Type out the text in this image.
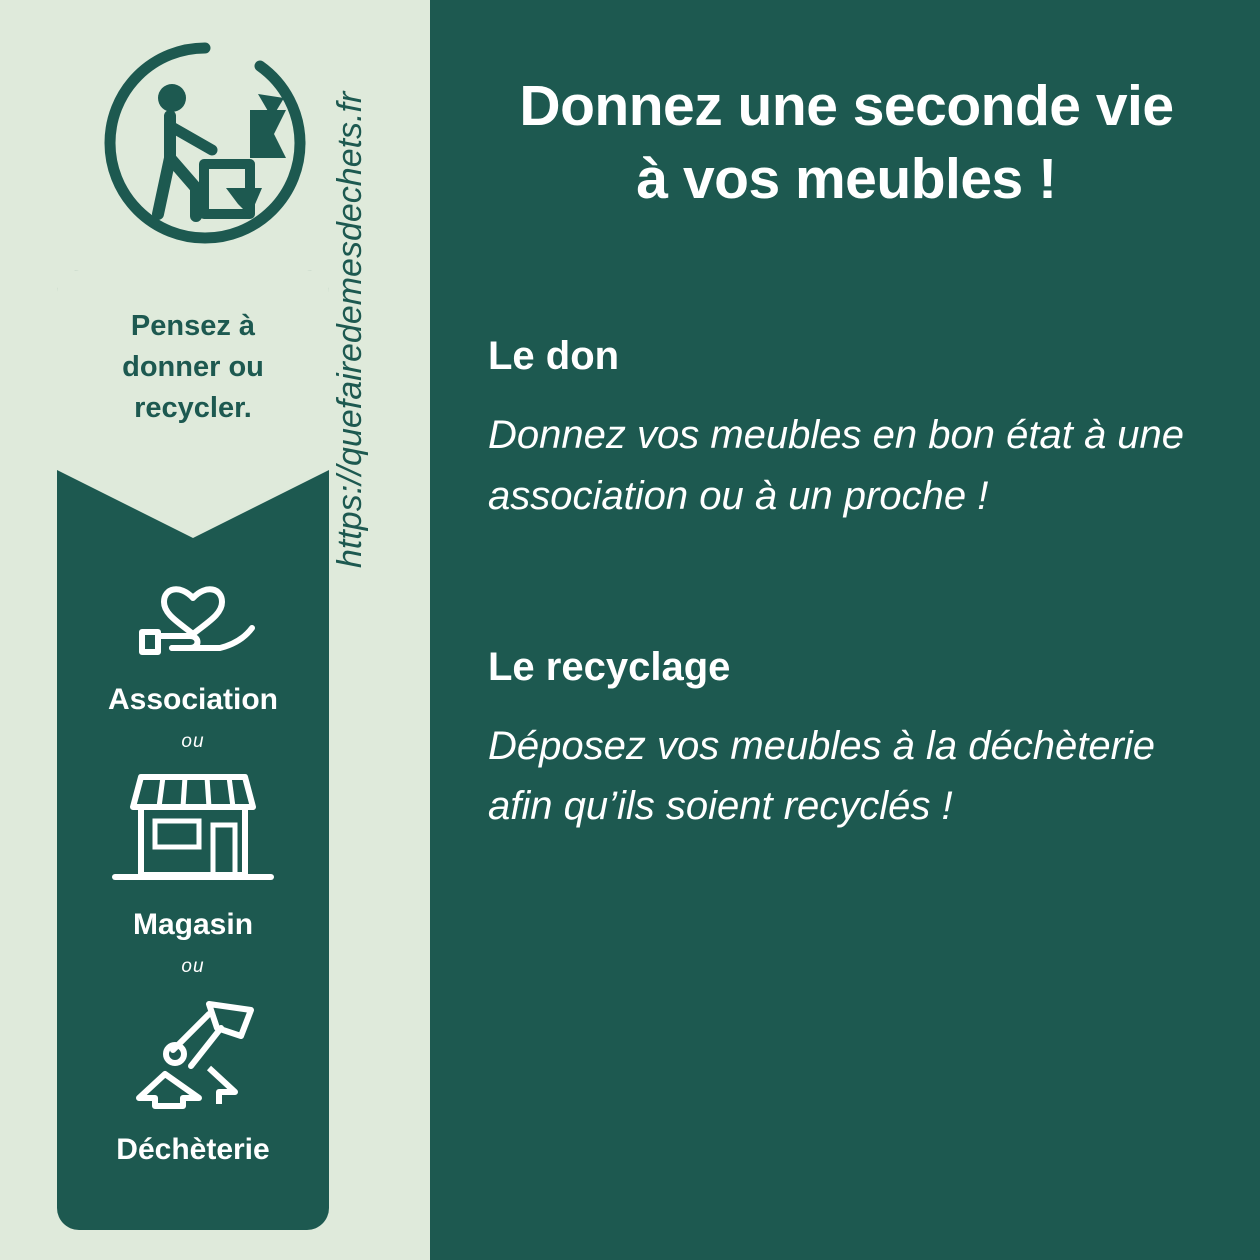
Pensez à
donner ou
recycler.
Association
ou
Magasin
ou
Déchèterie
https://quefairedemesdechets.fr	Donnez une seconde vie
à vos meubles !
Le don

Donnez vos meubles en bon état à une association ou à un proche !

Le recyclage

Déposez vos meubles à la déchèterie afin qu’ils soient recyclés !
